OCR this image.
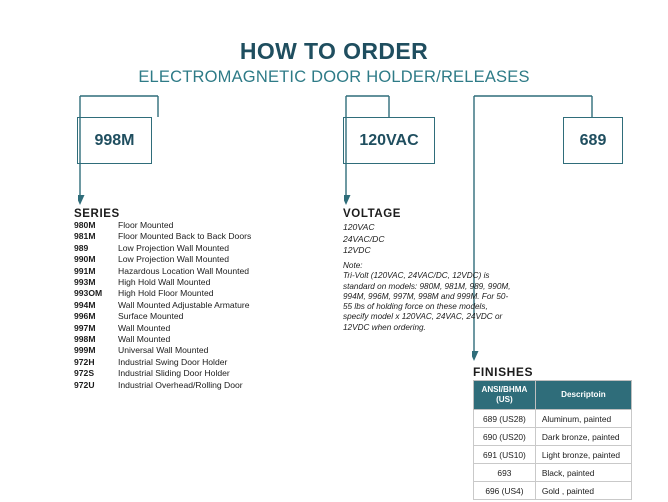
HOW TO ORDER
ELECTROMAGNETIC DOOR HOLDER/RELEASES
998M	120VAC	689
SERIES
980M	Floor Mounted
981M	Floor Mounted Back to Back Doors
989	Low Projection Wall Mounted
990M	Low Projection Wall Mounted
991M	Hazardous Location Wall Mounted
993M	High Hold Wall Mounted
993OM	High Hold Floor Mounted
994M	Wall Mounted Adjustable Armature
996M	Surface Mounted
997M	Wall Mounted
998M	Wall Mounted
999M	Universal Wall Mounted
972H	Industrial Swing Door Holder
972S	Industrial Sliding Door Holder
972U	Industrial Overhead/Rolling Door
VOLTAGE
120VAC
24VAC/DC
12VDC
Note:
Tri-Volt (120VAC, 24VAC/DC, 12VDC) is standard on models: 980M, 981M, 989, 990M, 994M, 996M, 997M, 998M and 999M. For 50-55 lbs of holding force on these models, specify model x 120VAC, 24VAC, 24VDC or 12VDC when ordering.
FINISHES
ANSI/BHMA (US)	Descriptoin
689 (US28)	Aluminum, painted
690 (US20)	Dark bronze, painted
691 (US10)	Light bronze, painted
693	Black, painted
696 (US4)	Gold , painted
